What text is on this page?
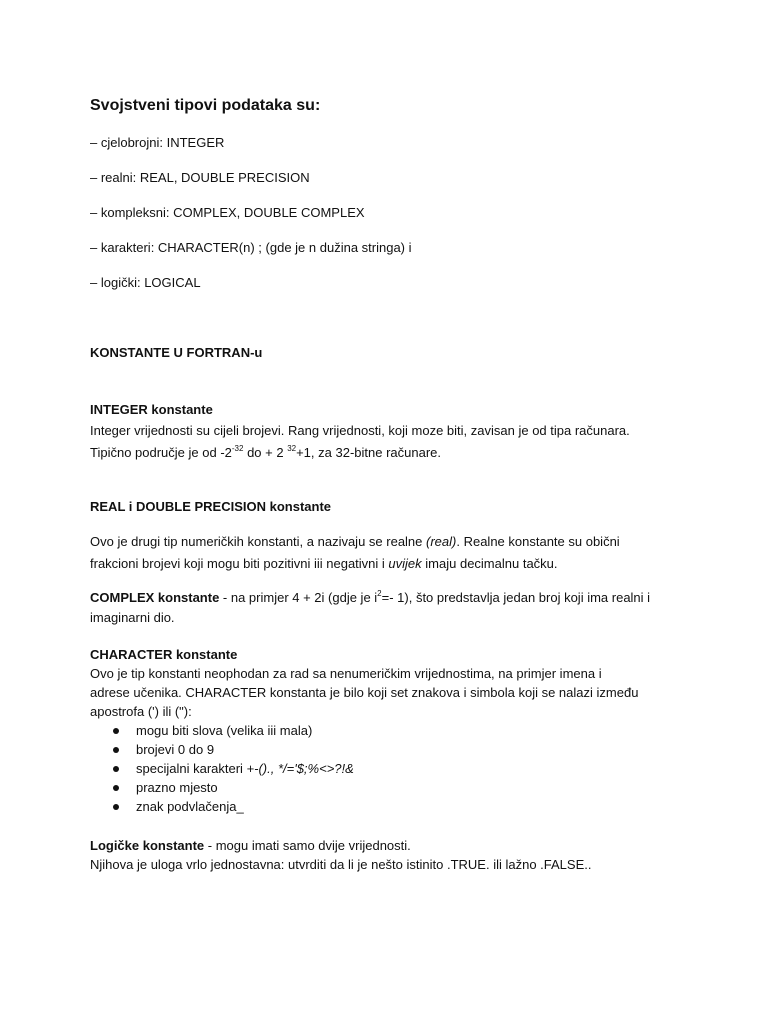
Svojstveni tipovi podataka su:
– cjelobrojni: INTEGER
– realni: REAL, DOUBLE PRECISION
– kompleksni: COMPLEX, DOUBLE COMPLEX
– karakteri: CHARACTER(n) ; (gde je n dužina stringa) i
– logički: LOGICAL
KONSTANTE U FORTRAN-u
INTEGER konstante
Integer vrijednosti su cijeli brojevi. Rang vrijednosti, koji moze biti, zavisan je od tipa računara.
Tipično područje je od $-2^{-32}$ do + 2 $^{32}$+1, za 32-bitne računare.
REAL i DOUBLE PRECISION konstante
Ovo je drugi tip numeričkih konstanti, a nazivaju se realne (real). Realne konstante su obični
frakcioni brojevi koji mogu biti pozitivni iii negativni i uvijek imaju decimalnu tačku.
COMPLEX konstante - na primjer 4 + 2i (gdje je $i^2=-$ 1), što predstavlja jedan broj koji ima realni i
imaginarni dio.
CHARACTER konstante
Ovo je tip konstanti neophodan za rad sa nenumeričkim vrijednostima, na primjer imena i
adrese učenika. CHARACTER konstanta je bilo koji set znakova i simbola koji se nalazi između
apostrofa (') ili ("):
mogu biti slova (velika iii mala)
brojevi 0 do 9
specijalni karakteri +-()., */='$;%<>?!&
prazno mjesto
znak podvlačenja_
Logičke konstante - mogu imati samo dvije vrijednosti.
Njihova je uloga vrlo jednostavna: utvrditi da li je nešto istinito .TRUE. ili lažno .FALSE..
